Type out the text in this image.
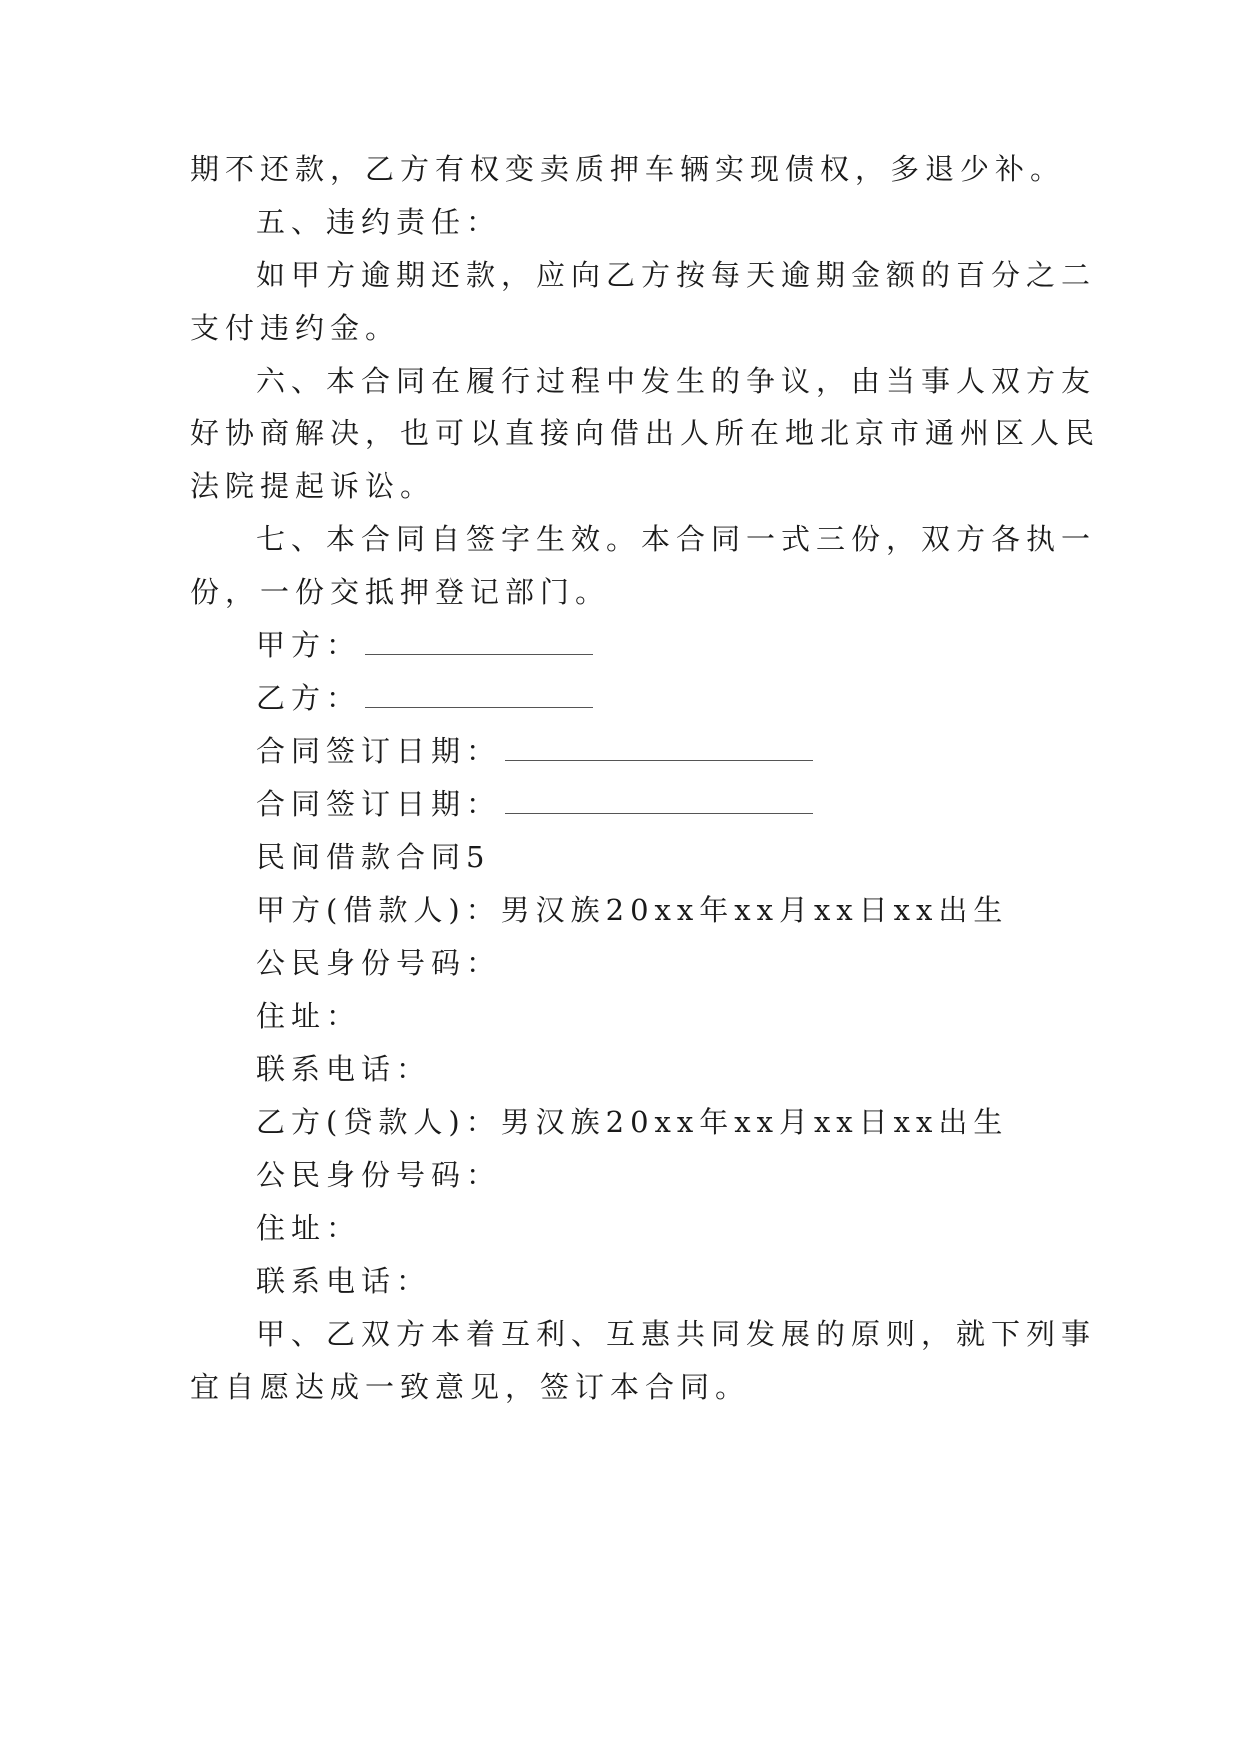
期不还款，乙方有权变卖质押车辆实现债权，多退少补。
五、违约责任：
如甲方逾期还款，应向乙方按每天逾期金额的百分之二
支付违约金。
六、本合同在履行过程中发生的争议，由当事人双方友
好协商解决，也可以直接向借出人所在地北京市通州区人民
法院提起诉讼。
七、本合同自签字生效。本合同一式三份，双方各执一
份，一份交抵押登记部门。
甲方：
乙方：
合同签订日期：
合同签订日期：
民间借款合同5
甲方(借款人)：男汉族20xx年xx月xx日xx出生
公民身份号码：
住址：
联系电话：
乙方(贷款人)：男汉族20xx年xx月xx日xx出生
公民身份号码：
住址：
联系电话：
甲、乙双方本着互利、互惠共同发展的原则，就下列事
宜自愿达成一致意见，签订本合同。
